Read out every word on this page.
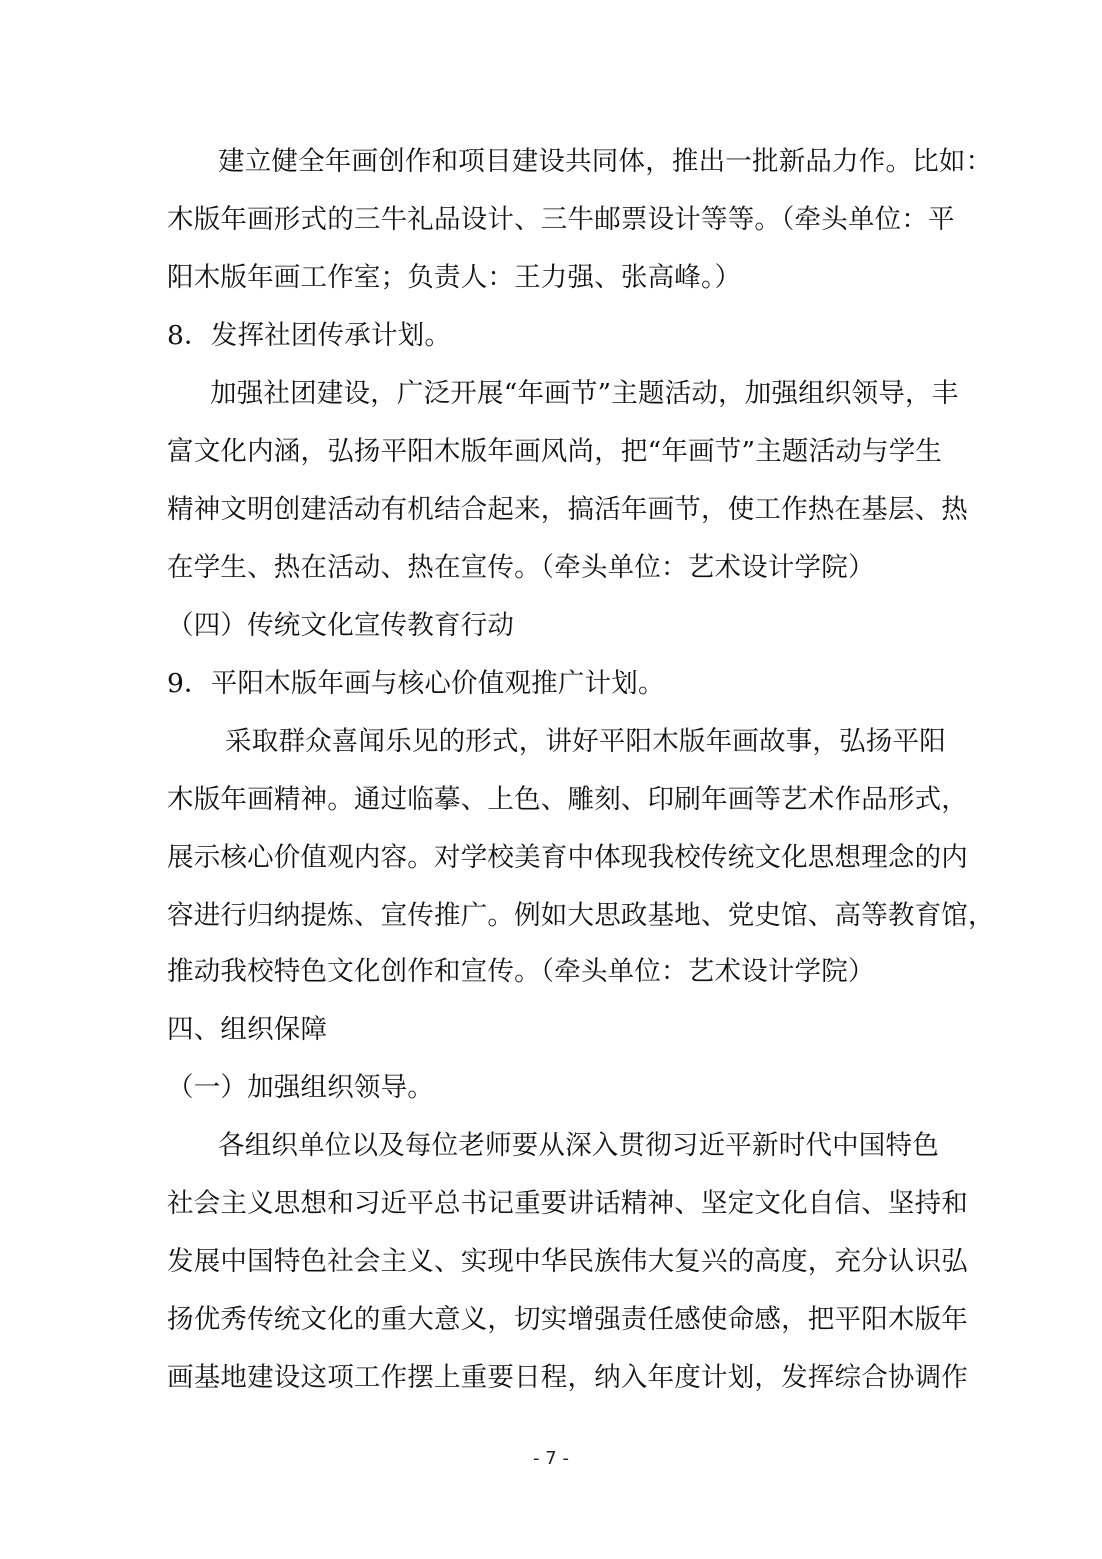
建立健全年画创作和项目建设共同体，推出一批新品力作。比如：
木版年画形式的三牛礼品设计、三牛邮票设计等等。（牵头单位：平
阳木版年画工作室；负责人：王力强、张高峰。）
8．发挥社团传承计划。
加强社团建设，广泛开展“年画节”主题活动，加强组织领导，丰
富文化内涵，弘扬平阳木版年画风尚，把“年画节”主题活动与学生
精神文明创建活动有机结合起来，搞活年画节，使工作热在基层、热
在学生、热在活动、热在宣传。（牵头单位：艺术设计学院）
（四）传统文化宣传教育行动
9．平阳木版年画与核心价值观推广计划。
采取群众喜闻乐见的形式，讲好平阳木版年画故事，弘扬平阳
木版年画精神。通过临摹、上色、雕刻、印刷年画等艺术作品形式，
展示核心价值观内容。对学校美育中体现我校传统文化思想理念的内
容进行归纳提炼、宣传推广。例如大思政基地、党史馆、高等教育馆，
推动我校特色文化创作和宣传。（牵头单位：艺术设计学院）
四、组织保障
（一）加强组织领导。
各组织单位以及每位老师要从深入贯彻习近平新时代中国特色
社会主义思想和习近平总书记重要讲话精神、坚定文化自信、坚持和
发展中国特色社会主义、实现中华民族伟大复兴的高度，充分认识弘
扬优秀传统文化的重大意义，切实增强责任感使命感，把平阳木版年
画基地建设这项工作摆上重要日程，纳入年度计划，发挥综合协调作
- 7 -
